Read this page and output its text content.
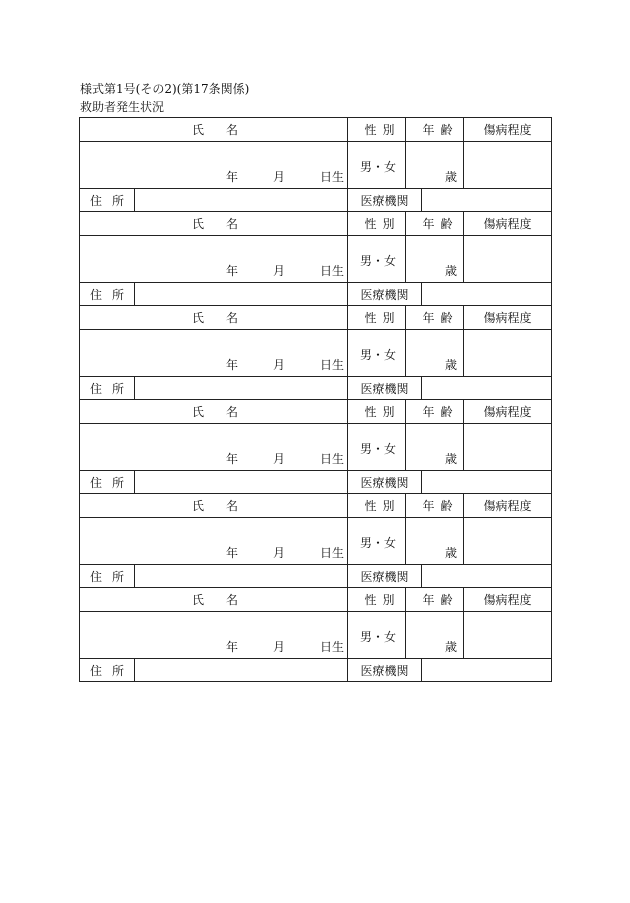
様式第1号(その2)(第17条関係)
救助者発生状況
氏 名		性 別	年 齢		傷病程度

年 月 日生		男・女	歳		

住 所		医療機関			
氏 名		性 別	年 齢		傷病程度

年 月 日生		男・女	歳		

住 所		医療機関			
氏 名		性 別	年 齢		傷病程度

年 月 日生		男・女	歳		

住 所		医療機関			
氏 名		性 別	年 齢		傷病程度

年 月 日生		男・女	歳		

住 所		医療機関			
氏 名		性 別	年 齢		傷病程度

年 月 日生		男・女	歳		

住 所		医療機関			
氏 名		性 別	年 齢		傷病程度

年 月 日生		男・女	歳		

住 所		医療機関			
